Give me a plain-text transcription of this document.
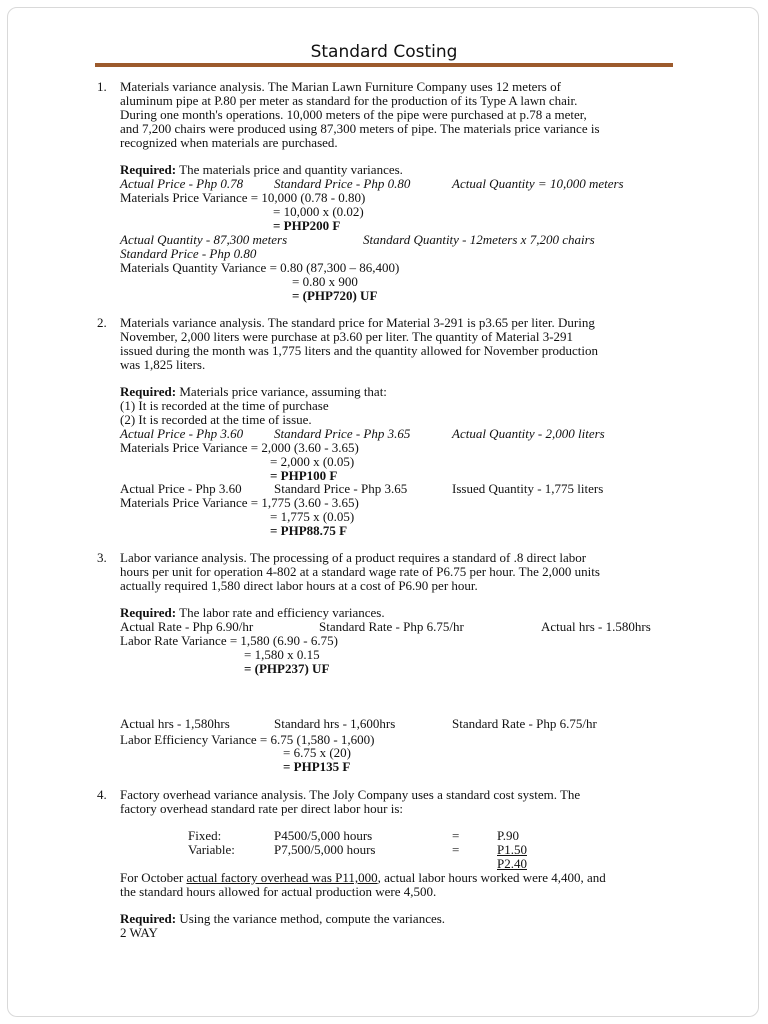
Standard Costing
1. Materials variance analysis. The Marian Lawn Furniture Company uses 12 meters of
aluminum pipe at P.80 per meter as standard for the production of its Type A lawn chair.
During one month's operations. 10,000 meters of the pipe were purchased at p.78 a meter,
and 7,200 chairs were produced using 87,300 meters of pipe. The materials price variance is
recognized when materials are purchased.
Required: The materials price and quantity variances.
Actual Price - Php 0.78 Standard Price - Php 0.80	Actual Quantity = 10,000 meters
Materials Price Variance = 10,000 (0.78 - 0.80)
= 10,000 x (0.02)
= PHP200 F
Actual Quantity - 87,300 meters	Standard Quantity - 12meters x 7,200 chairs
Standard Price - Php 0.80
Materials Quantity Variance = 0.80 (87,300 – 86,400)
= 0.80 x 900
= (PHP720) UF
2. Materials variance analysis. The standard price for Material 3-291 is p3.65 per liter. During
November, 2,000 liters were purchase at p3.60 per liter. The quantity of Material 3-291
issued during the month was 1,775 liters and the quantity allowed for November production
was 1,825 liters.
Required: Materials price variance, assuming that:
(1) It is recorded at the time of purchase
(2) It is recorded at the time of issue.
Actual Price - Php 3.60 Standard Price - Php 3.65	Actual Quantity - 2,000 liters
Materials Price Variance = 2,000 (3.60 - 3.65)
= 2,000 x (0.05)
= PHP100 F
Actual Price - Php 3.60 Standard Price - Php 3.65	Issued Quantity - 1,775 liters
Materials Price Variance = 1,775 (3.60 - 3.65)
= 1,775 x (0.05)
= PHP88.75 F
3. Labor variance analysis. The processing of a product requires a standard of .8 direct labor
hours per unit for operation 4-802 at a standard wage rate of P6.75 per hour. The 2,000 units
actually required 1,580 direct labor hours at a cost of P6.90 per hour.
Required: The labor rate and efficiency variances.
Actual Rate - Php 6.90/hr	Standard Rate - Php 6.75/hr	Actual hrs - 1.580hrs
Labor Rate Variance = 1,580 (6.90 - 6.75)
= 1,580 x 0.15
= (PHP237) UF
Actual hrs - 1,580hrs	Standard hrs - 1,600hrs	Standard Rate - Php 6.75/hr
Labor Efficiency Variance = 6.75 (1,580 - 1,600)
= 6.75 x (20)
= PHP135 F
4. Factory overhead variance analysis. The Joly Company uses a standard cost system. The
factory overhead standard rate per direct labor hour is:
Fixed:	P4500/5,000 hours	=	P.90
Variable:	P7,500/5,000 hours	=	P1.50
P2.40
For October actual factory overhead was P11,000, actual labor hours worked were 4,400, and
the standard hours allowed for actual production were 4,500.
Required: Using the variance method, compute the variances.
2 WAY
